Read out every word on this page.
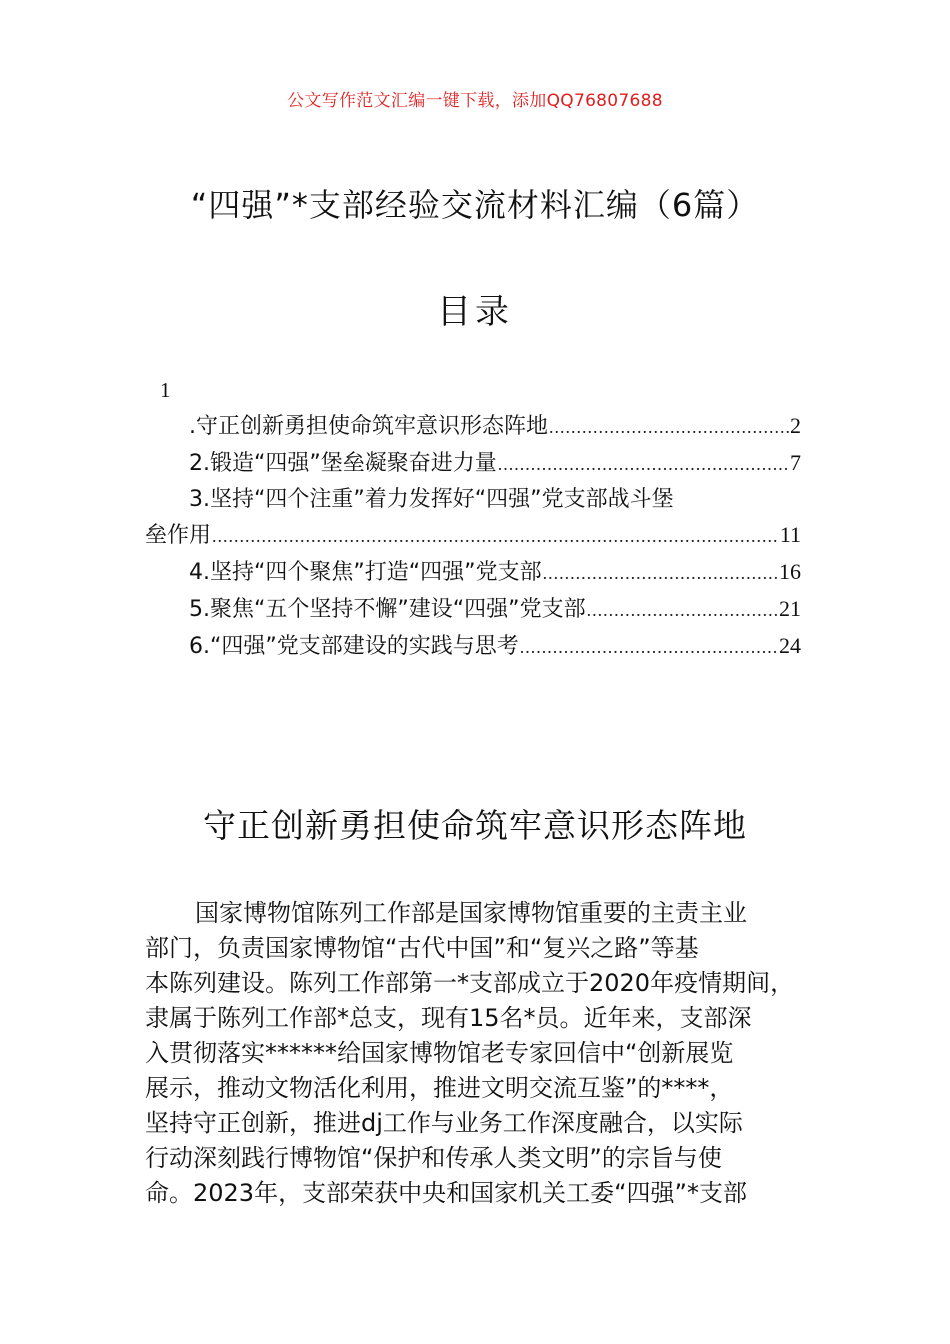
公文写作范文汇编一键下载，添加QQ76807688
“四强”*支部经验交流材料汇编（6篇）
目录
1
.守正创新勇担使命筑牢意识形态阵地 .....	2
2.锻造“四强”堡垒凝聚奋进力量 .....	7
3.坚持“四个注重”着力发挥好“四强”党支部战斗堡
垒作用 .....	11
4.坚持“四个聚焦”打造“四强”党支部 .....	16
5.聚焦“五个坚持不懈”建设“四强”党支部 .....	21
6.“四强”党支部建设的实践与思考 .....	24
守正创新勇担使命筑牢意识形态阵地
国家博物馆陈列工作部是国家博物馆重要的主责主业
部门，负责国家博物馆“古代中国”和“复兴之路”等基
本陈列建设。陈列工作部第一*支部成立于2020年疫情期间，
隶属于陈列工作部*总支，现有15名*员。近年来，支部深
入贯彻落实******给国家博物馆老专家回信中“创新展览
展示，推动文物活化利用，推进文明交流互鉴”的****，
坚持守正创新，推进dj工作与业务工作深度融合，以实际
行动深刻践行博物馆“保护和传承人类文明”的宗旨与使
命。2023年，支部荣获中央和国家机关工委“四强”*支部
